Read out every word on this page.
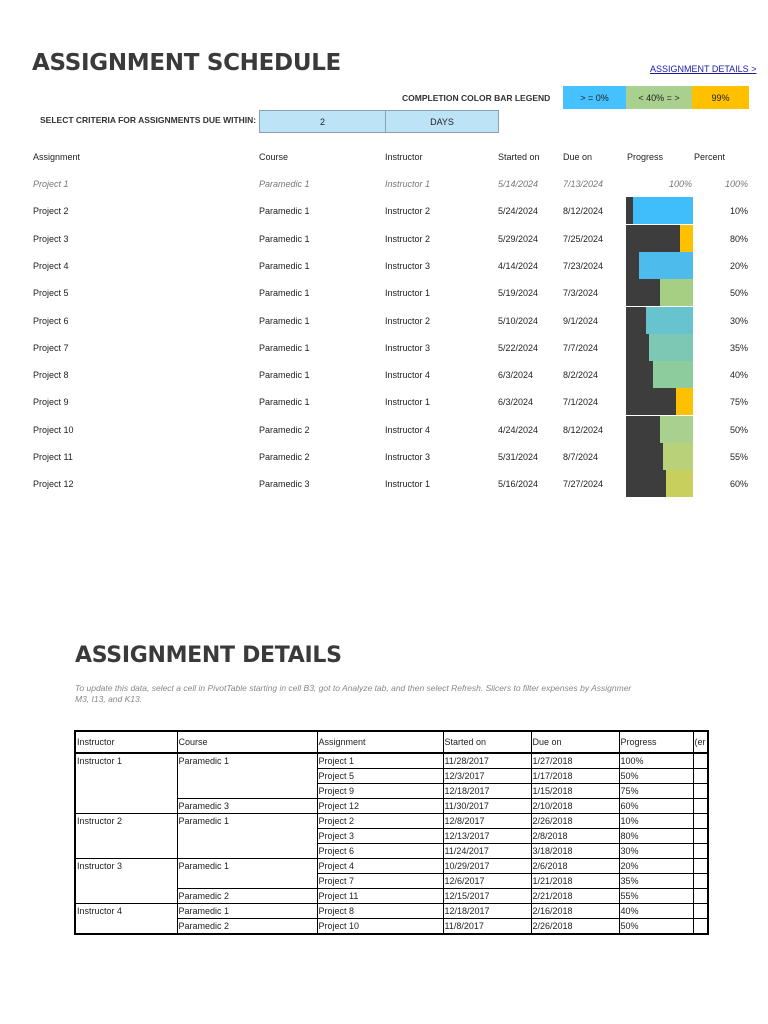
ASSIGNMENT SCHEDULE	ASSIGNMENT DETAILS >
COMPLETION COLOR BAR LEGEND	> = 0%	< 40% = >	99%
SELECT CRITERIA FOR ASSIGNMENTS DUE WITHIN:	2	DAYS
Assignment	Course	Instructor	Started on	Due on	Progress	Percent
Project 1	Paramedic 1	Instructor 1	5/14/2024	7/13/2024	100%	100%
Project 2	Paramedic 1	Instructor 2	5/24/2024	8/12/2024	10%
Project 3	Paramedic 1	Instructor 2	5/29/2024	7/25/2024	80%
Project 4	Paramedic 1	Instructor 3	4/14/2024	7/23/2024	20%
Project 5	Paramedic 1	Instructor 1	5/19/2024	7/3/2024	50%
Project 6	Paramedic 1	Instructor 2	5/10/2024	9/1/2024	30%
Project 7	Paramedic 1	Instructor 3	5/22/2024	7/7/2024	35%
Project 8	Paramedic 1	Instructor 4	6/3/2024	8/2/2024	40%
Project 9	Paramedic 1	Instructor 1	6/3/2024	7/1/2024	75%
Project 10	Paramedic 2	Instructor 4	4/24/2024	8/12/2024	50%
Project 11	Paramedic 2	Instructor 3	5/31/2024	8/7/2024	55%
Project 12	Paramedic 3	Instructor 1	5/16/2024	7/27/2024	60%
ASSIGNMENT DETAILS
To update this data, select a cell in PivotTable starting in cell B3, got to Analyze tab, and then select Refresh. Slicers to filter expenses by Assignmer
M3, I13, and K13.
Instructor	Course	Assignment	Started on	Due on	Progress	(er
Instructor 1	Paramedic 1	Project 1	11/28/2017	1/27/2018	100%	
		Project 5	12/3/2017	1/17/2018	50%	
		Project 9	12/18/2017	1/15/2018	75%	
	Paramedic 3	Project 12	11/30/2017	2/10/2018	60%	
Instructor 2	Paramedic 1	Project 2	12/8/2017	2/26/2018	10%	
		Project 3	12/13/2017	2/8/2018	80%	
		Project 6	11/24/2017	3/18/2018	30%	
Instructor 3	Paramedic 1	Project 4	10/29/2017	2/6/2018	20%	
		Project 7	12/6/2017	1/21/2018	35%	
	Paramedic 2	Project 11	12/15/2017	2/21/2018	55%	
Instructor 4	Paramedic 1	Project 8	12/18/2017	2/16/2018	40%	
	Paramedic 2	Project 10	11/8/2017	2/26/2018	50%	
